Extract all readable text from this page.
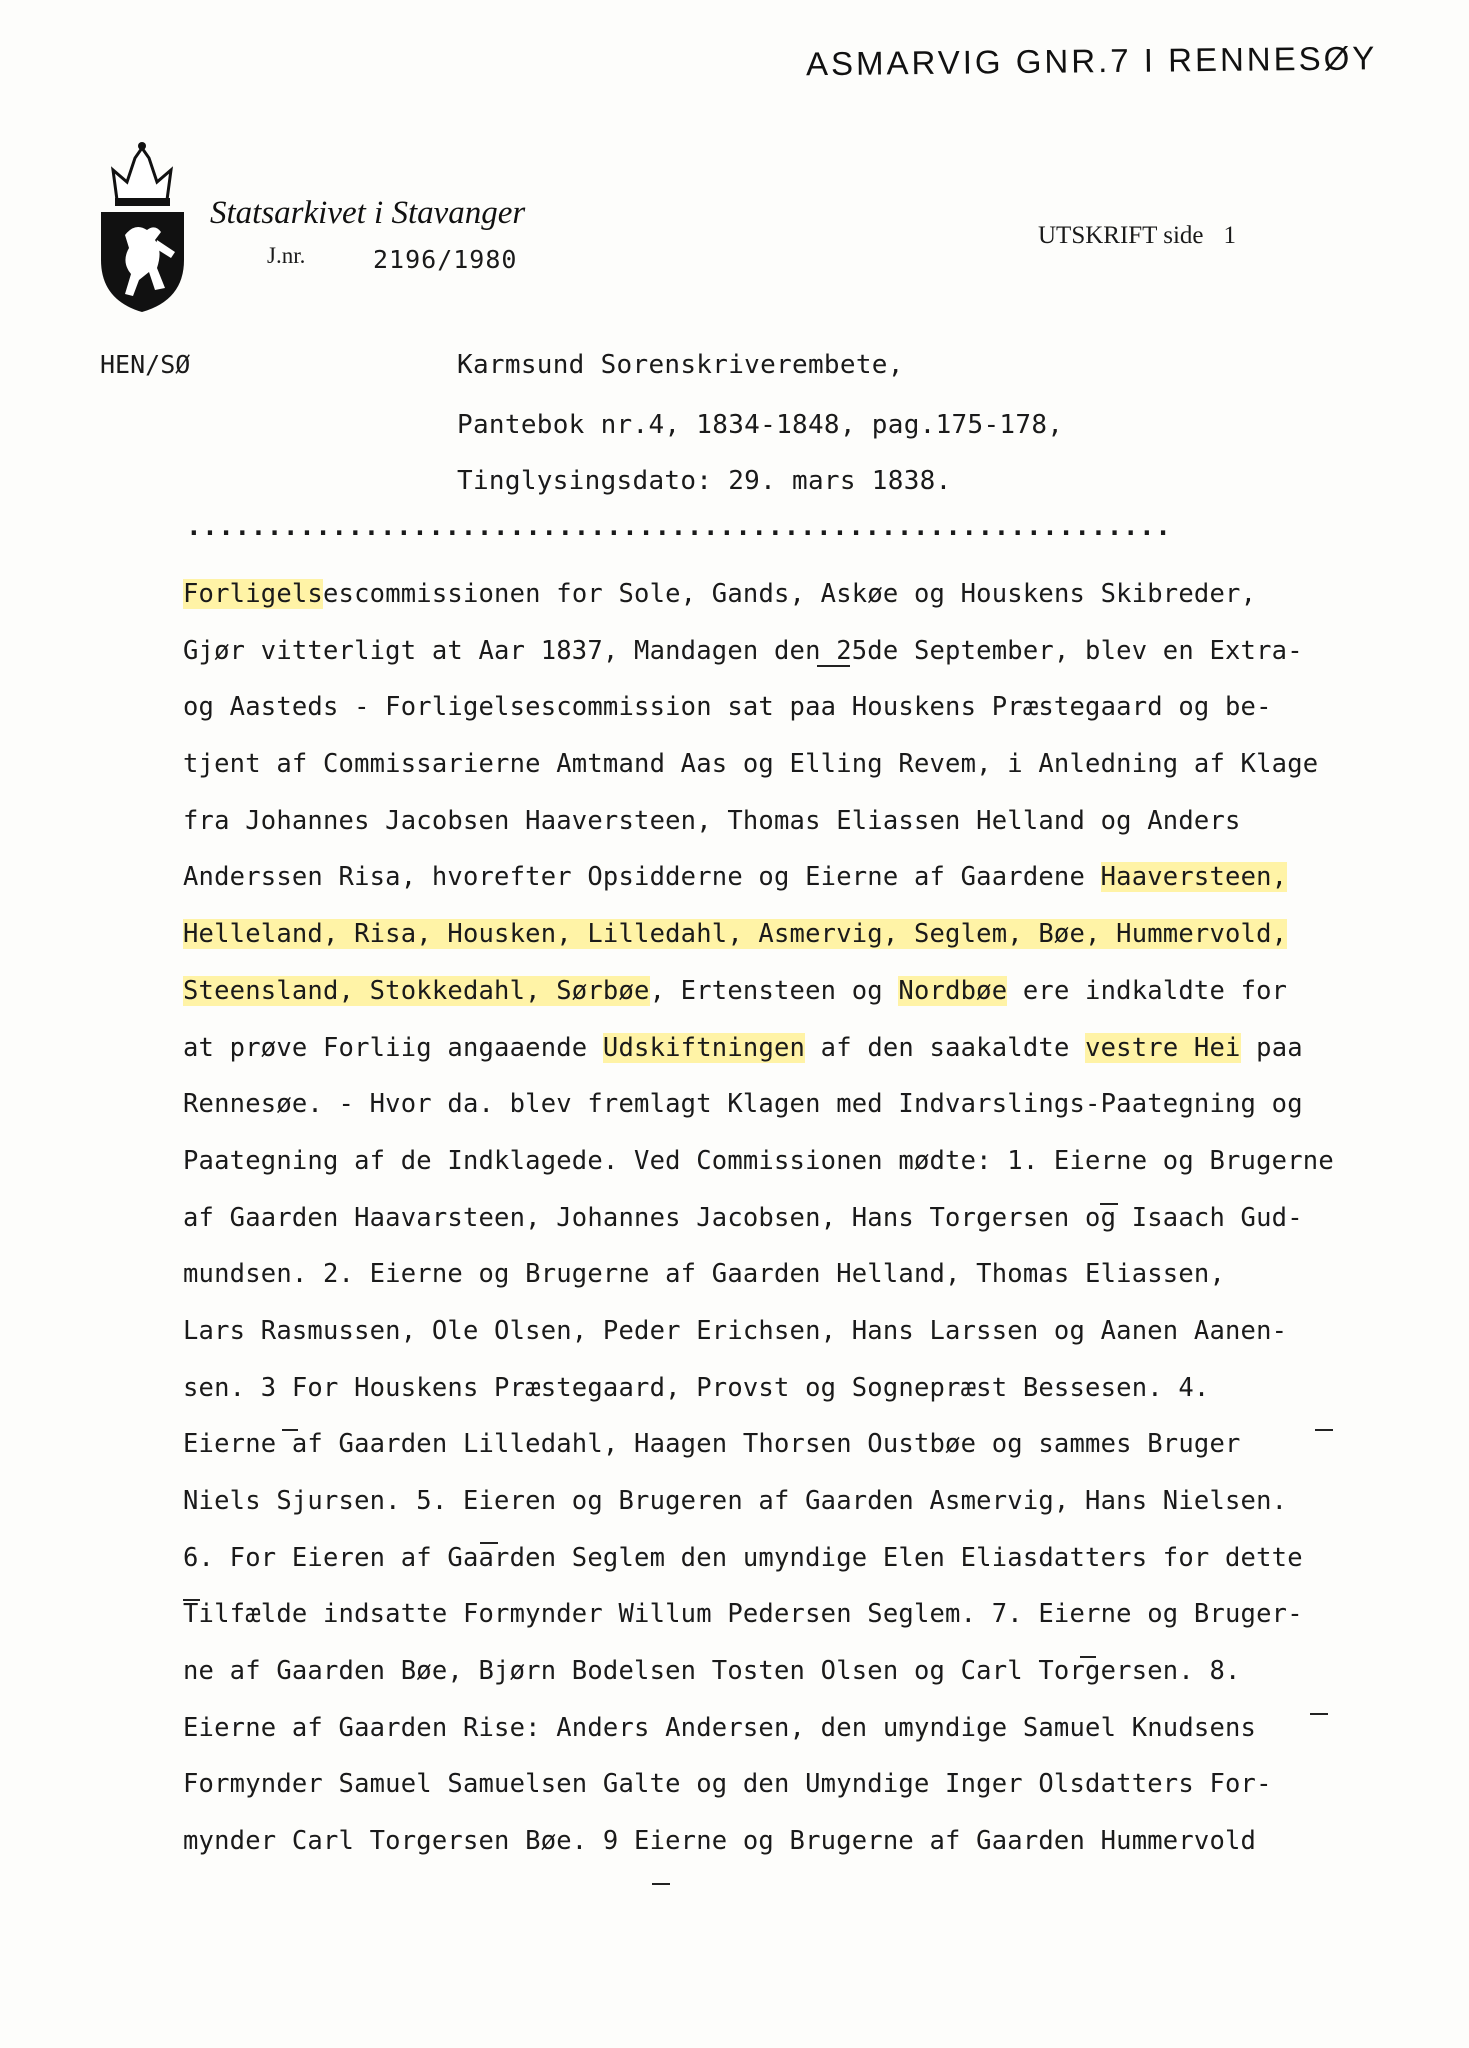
ASMARVIG GNR.7 I RENNESØY
Statsarkivet i Stavanger
J.nr.	2196/1980
UTSKRIFT side 1
HEN/SØ	Karmsund Sorenskriverembete,
Pantebok nr.4, 1834-1848, pag.175-178,
Tinglysingsdato: 29. mars 1838.
.............................................................
Forligelsescommissionen for Sole, Gands, Askøe og Houskens Skibreder,
Gjør vitterligt at Aar 1837, Mandagen den 25de September, blev en Extra-
og Aasteds - Forligelsescommission sat paa Houskens Præstegaard og be-
tjent af Commissarierne Amtmand Aas og Elling Revem, i Anledning af Klage
fra Johannes Jacobsen Haaversteen, Thomas Eliassen Helland og Anders
Anderssen Risa, hvorefter Opsidderne og Eierne af Gaardene Haaversteen,
Helleland, Risa, Housken, Lilledahl, Asmervig, Seglem, Bøe, Hummervold,
Steensland, Stokkedahl, Sørbøe, Ertensteen og Nordbøe ere indkaldte for
at prøve Forliig angaaende Udskiftningen af den saakaldte vestre Hei paa
Rennesøe. - Hvor da. blev fremlagt Klagen med Indvarslings-Paategning og
Paategning af de Indklagede. Ved Commissionen mødte: 1. Eierne og Brugerne
af Gaarden Haavarsteen, Johannes Jacobsen, Hans Torgersen og Isaach Gud-
mundsen. 2. Eierne og Brugerne af Gaarden Helland, Thomas Eliassen,
Lars Rasmussen, Ole Olsen, Peder Erichsen, Hans Larssen og Aanen Aanen-
sen. 3 For Houskens Præstegaard, Provst og Sognepræst Bessesen. 4.
Eierne af Gaarden Lilledahl, Haagen Thorsen Oustbøe og sammes Bruger
Niels Sjursen. 5. Eieren og Brugeren af Gaarden Asmervig, Hans Nielsen.
6. For Eieren af Gaarden Seglem den umyndige Elen Eliasdatters for dette
Tilfælde indsatte Formynder Willum Pedersen Seglem. 7. Eierne og Bruger-
ne af Gaarden Bøe, Bjørn Bodelsen Tosten Olsen og Carl Torgersen. 8.
Eierne af Gaarden Rise: Anders Andersen, den umyndige Samuel Knudsens
Formynder Samuel Samuelsen Galte og den Umyndige Inger Olsdatters For-
mynder Carl Torgersen Bøe. 9 Eierne og Brugerne af Gaarden Hummervold
